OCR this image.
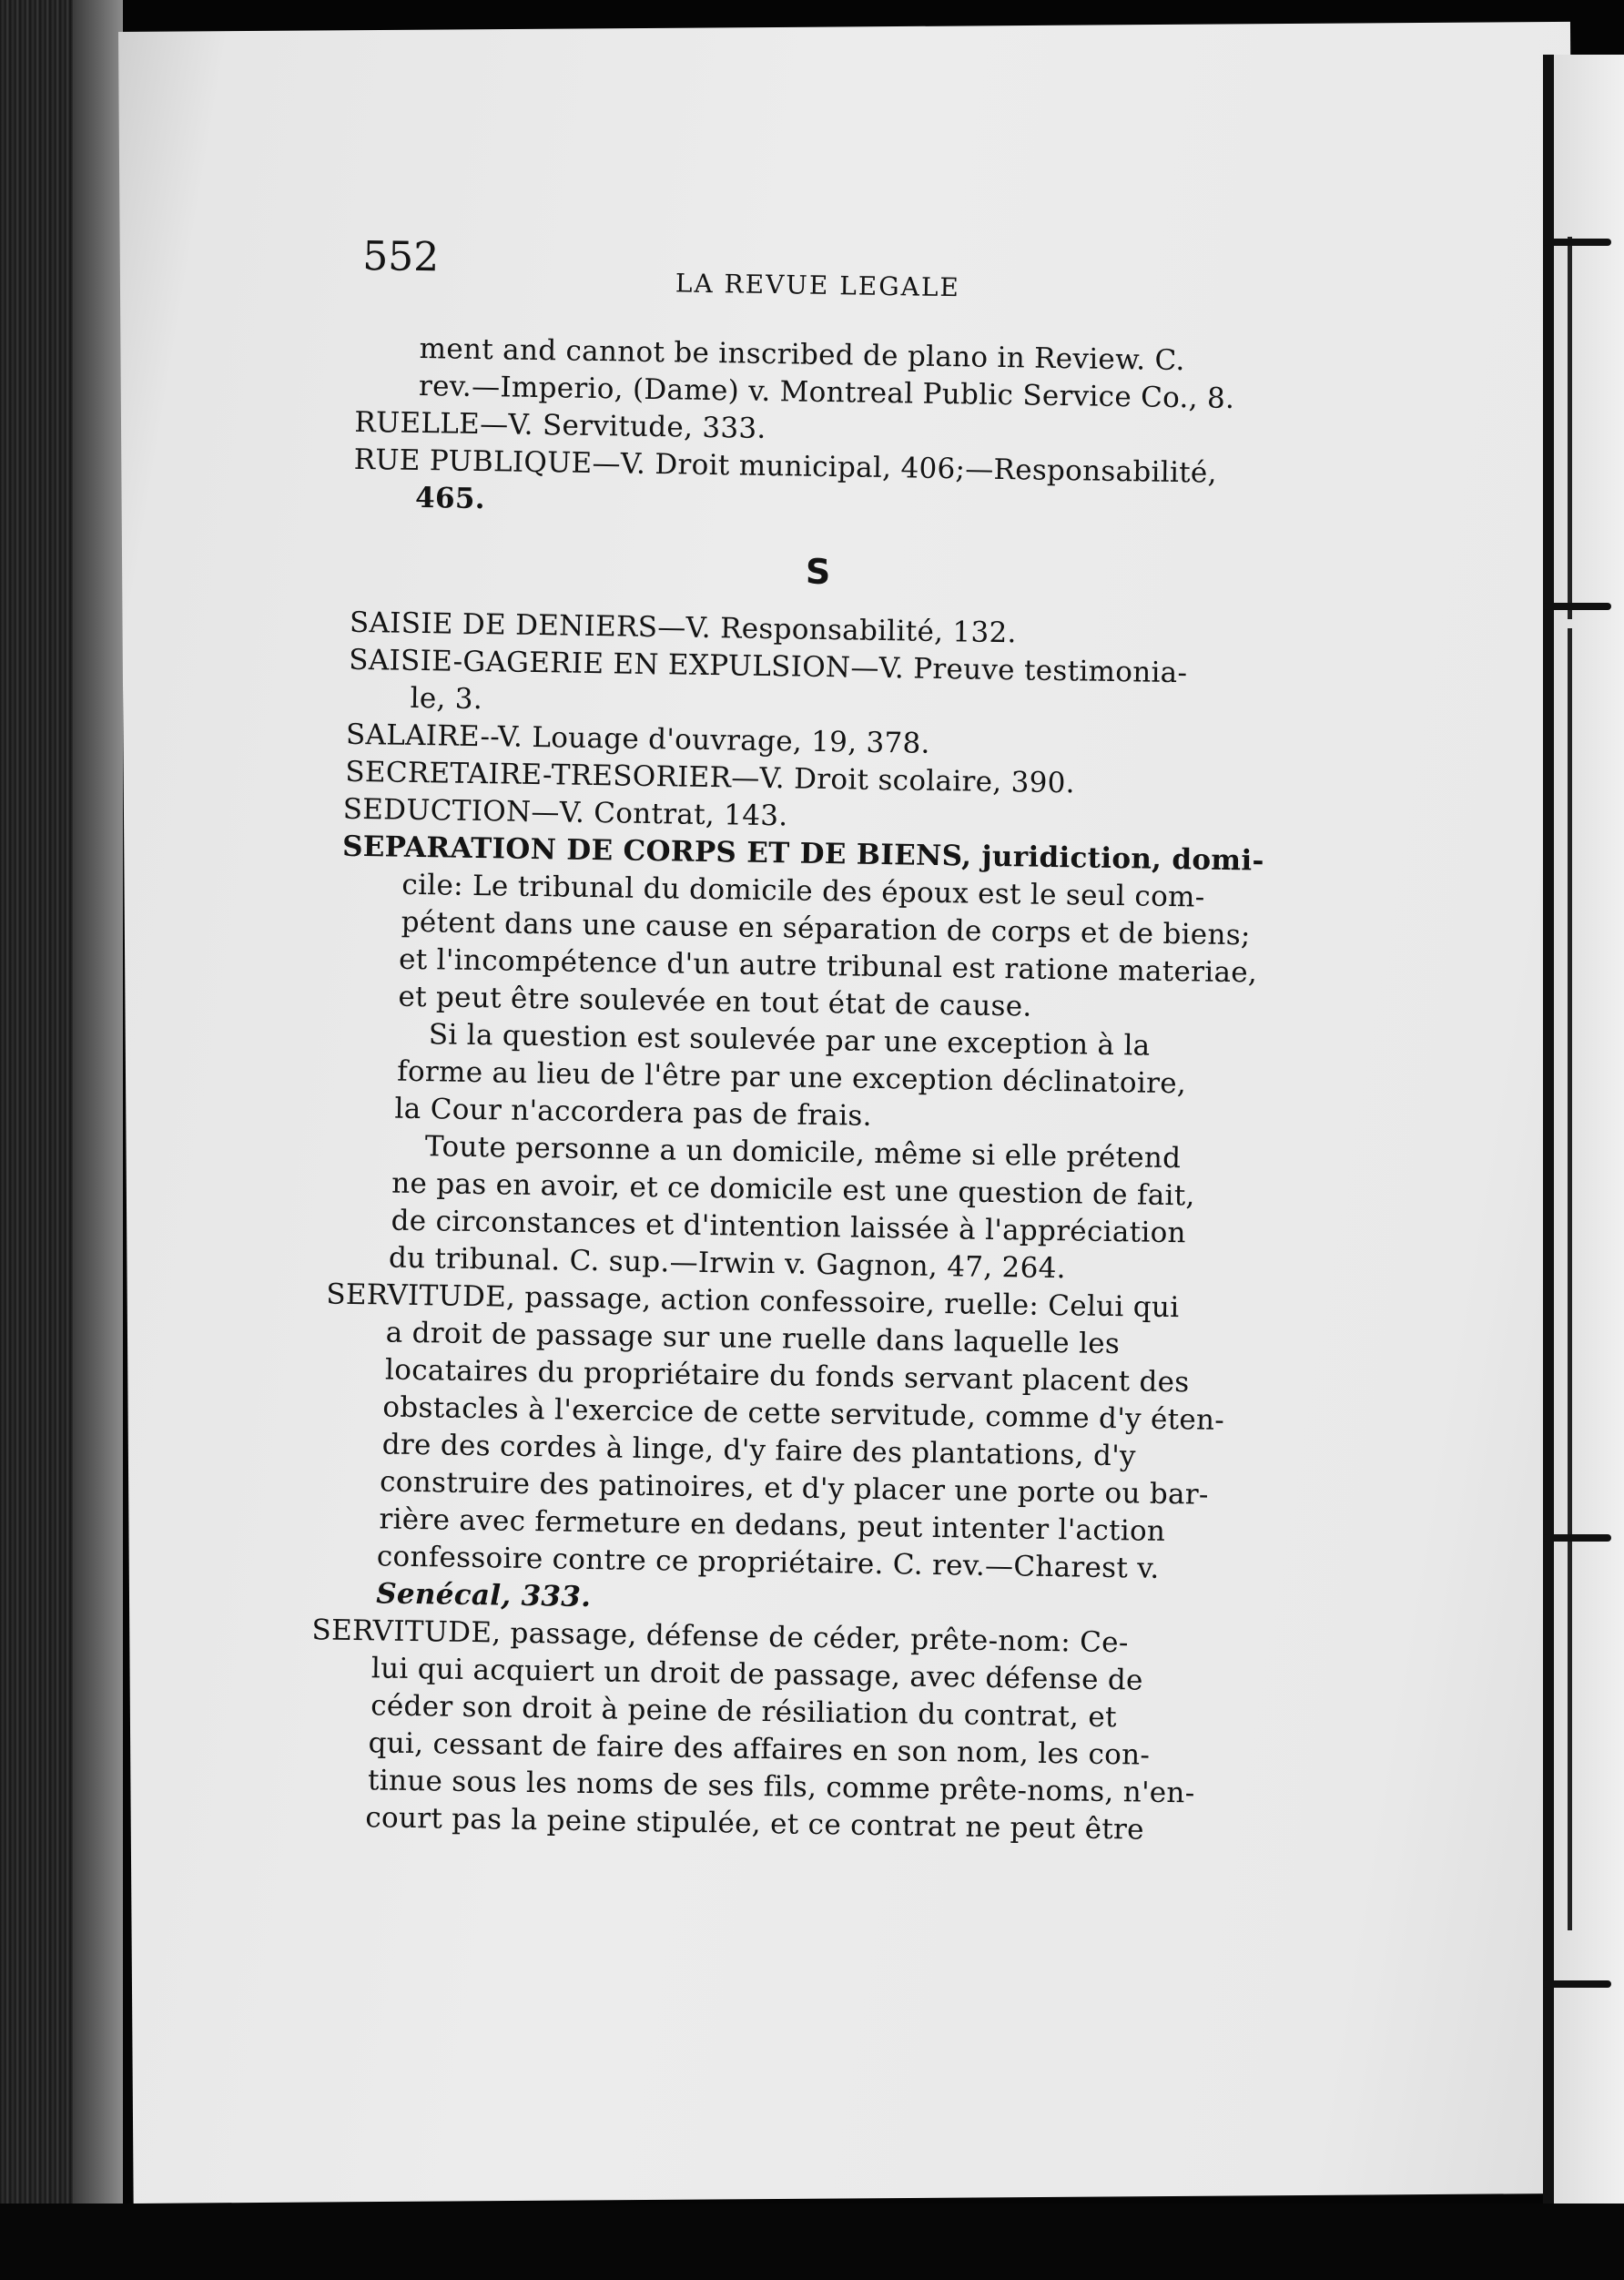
552
LA REVUE LEGALE
ment and cannot be inscribed de plano in Review. C.
rev.—Imperio, (Dame) v. Montreal Public Service Co., 8.
RUELLE—V. Servitude, 333.
RUE PUBLIQUE—V. Droit municipal, 406;—Responsabilité,
465.
S
SAISIE DE DENIERS—V. Responsabilité, 132.
SAISIE-GAGERIE EN EXPULSION—V. Preuve testimonia-
le, 3.
SALAIRE--V. Louage d'ouvrage, 19, 378.
SECRETAIRE-TRESORIER—V. Droit scolaire, 390.
SEDUCTION—V. Contrat, 143.
SEPARATION DE CORPS ET DE BIENS, juridiction, domi-
cile: Le tribunal du domicile des époux est le seul com-
pétent dans une cause en séparation de corps et de biens;
et l'incompétence d'un autre tribunal est ratione materiae,
et peut être soulevée en tout état de cause.
Si la question est soulevée par une exception à la
forme au lieu de l'être par une exception déclinatoire,
la Cour n'accordera pas de frais.
Toute personne a un domicile, même si elle prétend
ne pas en avoir, et ce domicile est une question de fait,
de circonstances et d'intention laissée à l'appréciation
du tribunal. C. sup.—Irwin v. Gagnon, 47, 264.
SERVITUDE, passage, action confessoire, ruelle: Celui qui
a droit de passage sur une ruelle dans laquelle les
locataires du propriétaire du fonds servant placent des
obstacles à l'exercice de cette servitude, comme d'y éten-
dre des cordes à linge, d'y faire des plantations, d'y
construire des patinoires, et d'y placer une porte ou bar-
rière avec fermeture en dedans, peut intenter l'action
confessoire contre ce propriétaire. C. rev.—Charest v.
Senécal, 333.
SERVITUDE, passage, défense de céder, prête-nom: Ce-
lui qui acquiert un droit de passage, avec défense de
céder son droit à peine de résiliation du contrat, et
qui, cessant de faire des affaires en son nom, les con-
tinue sous les noms de ses fils, comme prête-noms, n'en-
court pas la peine stipulée, et ce contrat ne peut être
